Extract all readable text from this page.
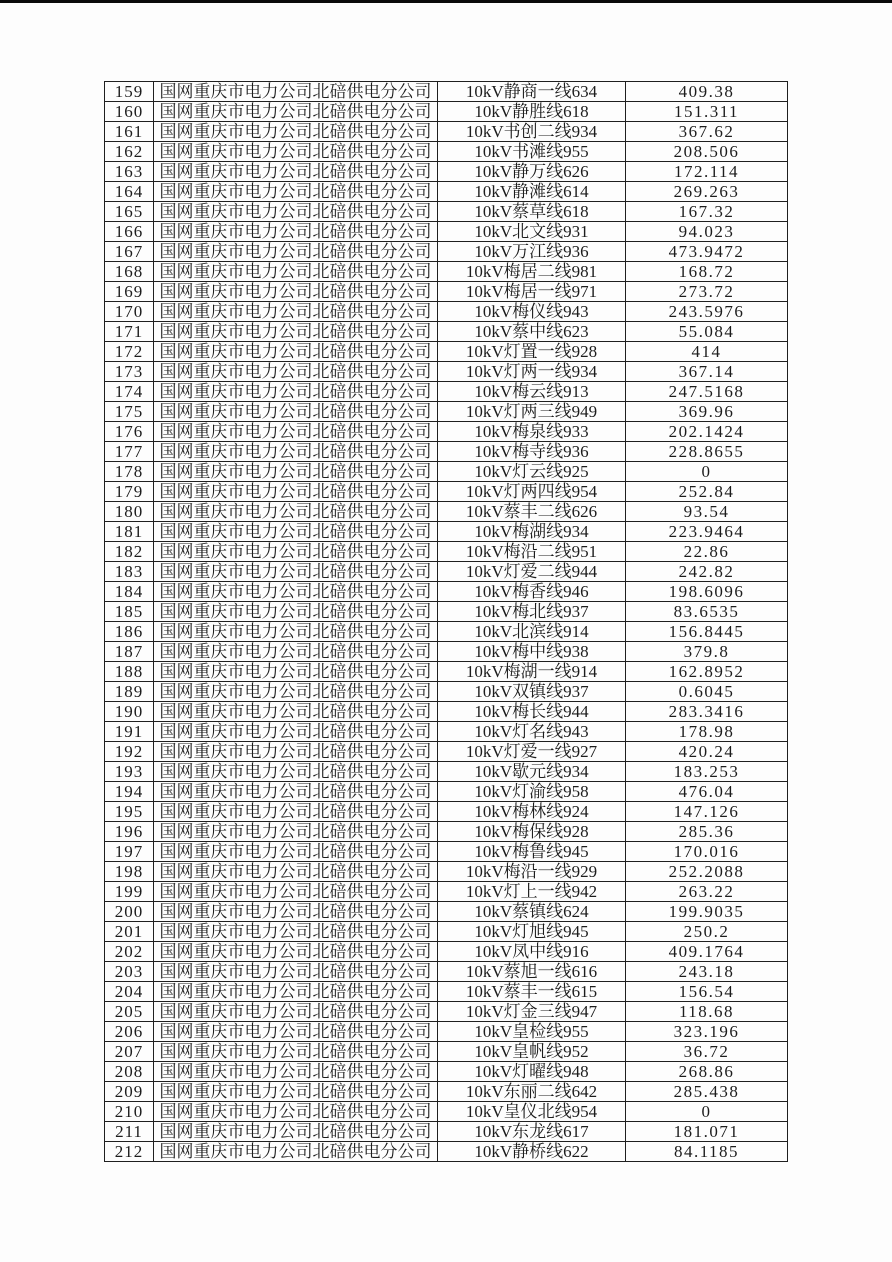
159	国网重庆市电力公司北碚供电分公司	10kV静商一线634	409.38
160	国网重庆市电力公司北碚供电分公司	10kV静胜线618	151.311
161	国网重庆市电力公司北碚供电分公司	10kV书创二线934	367.62
162	国网重庆市电力公司北碚供电分公司	10kV书滩线955	208.506
163	国网重庆市电力公司北碚供电分公司	10kV静万线626	172.114
164	国网重庆市电力公司北碚供电分公司	10kV静滩线614	269.263
165	国网重庆市电力公司北碚供电分公司	10kV蔡草线618	167.32
166	国网重庆市电力公司北碚供电分公司	10kV北文线931	94.023
167	国网重庆市电力公司北碚供电分公司	10kV万江线936	473.9472
168	国网重庆市电力公司北碚供电分公司	10kV梅居二线981	168.72
169	国网重庆市电力公司北碚供电分公司	10kV梅居一线971	273.72
170	国网重庆市电力公司北碚供电分公司	10kV梅仪线943	243.5976
171	国网重庆市电力公司北碚供电分公司	10kV蔡中线623	55.084
172	国网重庆市电力公司北碚供电分公司	10kV灯置一线928	414
173	国网重庆市电力公司北碚供电分公司	10kV灯两一线934	367.14
174	国网重庆市电力公司北碚供电分公司	10kV梅云线913	247.5168
175	国网重庆市电力公司北碚供电分公司	10kV灯两三线949	369.96
176	国网重庆市电力公司北碚供电分公司	10kV梅泉线933	202.1424
177	国网重庆市电力公司北碚供电分公司	10kV梅寺线936	228.8655
178	国网重庆市电力公司北碚供电分公司	10kV灯云线925	0
179	国网重庆市电力公司北碚供电分公司	10kV灯两四线954	252.84
180	国网重庆市电力公司北碚供电分公司	10kV蔡丰二线626	93.54
181	国网重庆市电力公司北碚供电分公司	10kV梅湖线934	223.9464
182	国网重庆市电力公司北碚供电分公司	10kV梅沿二线951	22.86
183	国网重庆市电力公司北碚供电分公司	10kV灯爱二线944	242.82
184	国网重庆市电力公司北碚供电分公司	10kV梅香线946	198.6096
185	国网重庆市电力公司北碚供电分公司	10kV梅北线937	83.6535
186	国网重庆市电力公司北碚供电分公司	10kV北滨线914	156.8445
187	国网重庆市电力公司北碚供电分公司	10kV梅中线938	379.8
188	国网重庆市电力公司北碚供电分公司	10kV梅湖一线914	162.8952
189	国网重庆市电力公司北碚供电分公司	10kV双镇线937	0.6045
190	国网重庆市电力公司北碚供电分公司	10kV梅长线944	283.3416
191	国网重庆市电力公司北碚供电分公司	10kV灯名线943	178.98
192	国网重庆市电力公司北碚供电分公司	10kV灯爱一线927	420.24
193	国网重庆市电力公司北碚供电分公司	10kV歇元线934	183.253
194	国网重庆市电力公司北碚供电分公司	10kV灯渝线958	476.04
195	国网重庆市电力公司北碚供电分公司	10kV梅林线924	147.126
196	国网重庆市电力公司北碚供电分公司	10kV梅保线928	285.36
197	国网重庆市电力公司北碚供电分公司	10kV梅鲁线945	170.016
198	国网重庆市电力公司北碚供电分公司	10kV梅沿一线929	252.2088
199	国网重庆市电力公司北碚供电分公司	10kV灯上一线942	263.22
200	国网重庆市电力公司北碚供电分公司	10kV蔡镇线624	199.9035
201	国网重庆市电力公司北碚供电分公司	10kV灯旭线945	250.2
202	国网重庆市电力公司北碚供电分公司	10kV凤中线916	409.1764
203	国网重庆市电力公司北碚供电分公司	10kV蔡旭一线616	243.18
204	国网重庆市电力公司北碚供电分公司	10kV蔡丰一线615	156.54
205	国网重庆市电力公司北碚供电分公司	10kV灯金三线947	118.68
206	国网重庆市电力公司北碚供电分公司	10kV皇检线955	323.196
207	国网重庆市电力公司北碚供电分公司	10kV皇帆线952	36.72
208	国网重庆市电力公司北碚供电分公司	10kV灯曜线948	268.86
209	国网重庆市电力公司北碚供电分公司	10kV东丽二线642	285.438
210	国网重庆市电力公司北碚供电分公司	10kV皇仪北线954	0
211	国网重庆市电力公司北碚供电分公司	10kV东龙线617	181.071
212	国网重庆市电力公司北碚供电分公司	10kV静桥线622	84.1185
